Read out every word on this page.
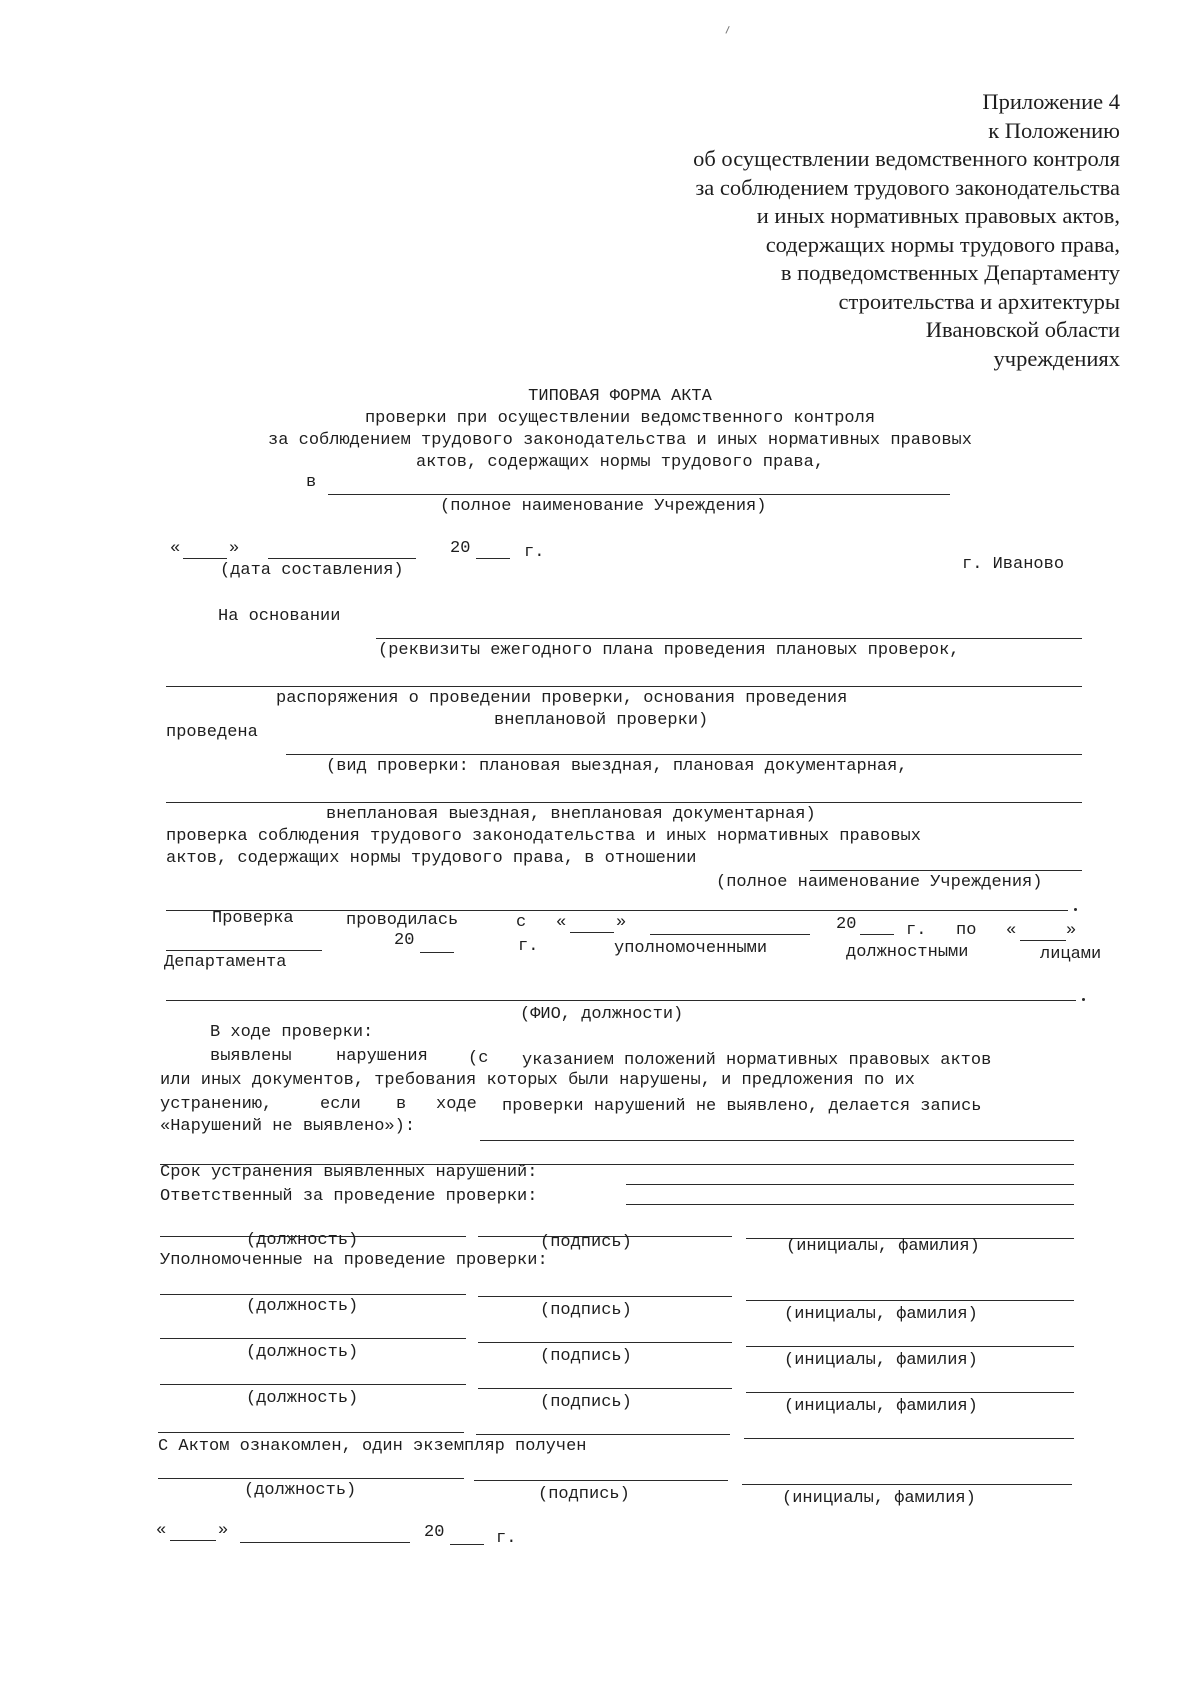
Приложение 4
к Положению
об осуществлении ведомственного контроля
за соблюдением трудового законодательства
и иных нормативных правовых актов,
содержащих нормы трудового права,
в подведомственных Департаменту
строительства и архитектуры
Ивановской области
учреждениях
ТИПОВАЯ ФОРМА АКТА
проверки при осуществлении ведомственного контроля
за соблюдением трудового законодательства и иных нормативных правовых
актов, содержащих нормы трудового права,
в
(полное наименование Учреждения)
«	»	20	г.
(дата составления)	г. Иваново
На основании
(реквизиты ежегодного плана проведения плановых проверок,
распоряжения о проведении проверки, основания проведения
внеплановой проверки)
проведена
(вид проверки: плановая выездная, плановая документарная,
внеплановая выездная, внеплановая документарная)
проверка соблюдения трудового законодательства и иных нормативных правовых
актов, содержащих нормы трудового права, в отношении
(полное наименование Учреждения)
Проверка	проводилась	с «	»	20	г. по «	»
20	г.	уполномоченными	должностными	лицами
Департамента
(ФИО, должности)
В ходе проверки:
выявлены	нарушения (с указанием положений нормативных правовых актов
или иных документов, требования которых были нарушены, и предложения по их
устранению,	если в ходе проверки нарушений не выявлено, делается запись
«Нарушений не выявлено»):
Срок устранения выявленных нарушений:
Ответственный за проведение проверки:
(должность)	(подпись)	(инициалы, фамилия)
Уполномоченные на проведение проверки:
(должность)	(подпись)	(инициалы, фамилия)
(должность)	(подпись)	(инициалы, фамилия)
(должность)	(подпись)	(инициалы, фамилия)
С Актом ознакомлен, один экземпляр получен
(должность)	(подпись)	(инициалы, фамилия)
«	»	20	г.
